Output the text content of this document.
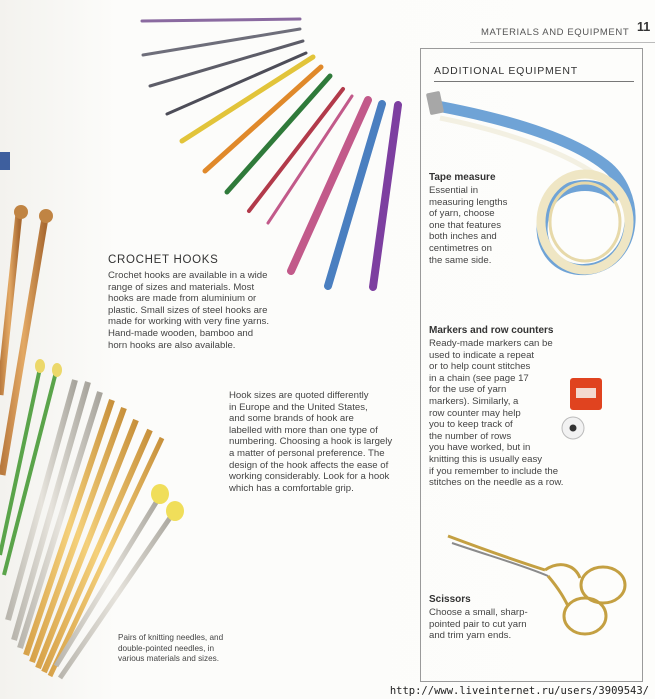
MATERIALS AND EQUIPMENT 11
CROCHET HOOKS
Crochet hooks are available in a wide
range of sizes and materials. Most
hooks are made from aluminium or
plastic. Small sizes of steel hooks are
made for working with very fine yarns.
Hand-made wooden, bamboo and
horn hooks are also available.
Hook sizes are quoted differently
in Europe and the United States,
and some brands of hook are
labelled with more than one type of
numbering. Choosing a hook is largely
a matter of personal preference. The
design of the hook affects the ease of
working considerably. Look for a hook
which has a comfortable grip.
Pairs of knitting needles, and
double-pointed needles, in
various materials and sizes.
ADDITIONAL EQUIPMENT
Tape measure
Essential in
measuring lengths
of yarn, choose
one that features
both inches and
centimetres on
the same side.
Markers and row counters
Ready-made markers can be
used to indicate a repeat
or to help count stitches
in a chain (see page 17
for the use of yarn
markers). Similarly, a
row counter may help
you to keep track of
the number of rows
you have worked, but in
knitting this is usually easy
if you remember to include the
stitches on the needle as a row.
Scissors
Choose a small, sharp-
pointed pair to cut yarn
and trim yarn ends.
http://www.liveinternet.ru/users/3909543/
